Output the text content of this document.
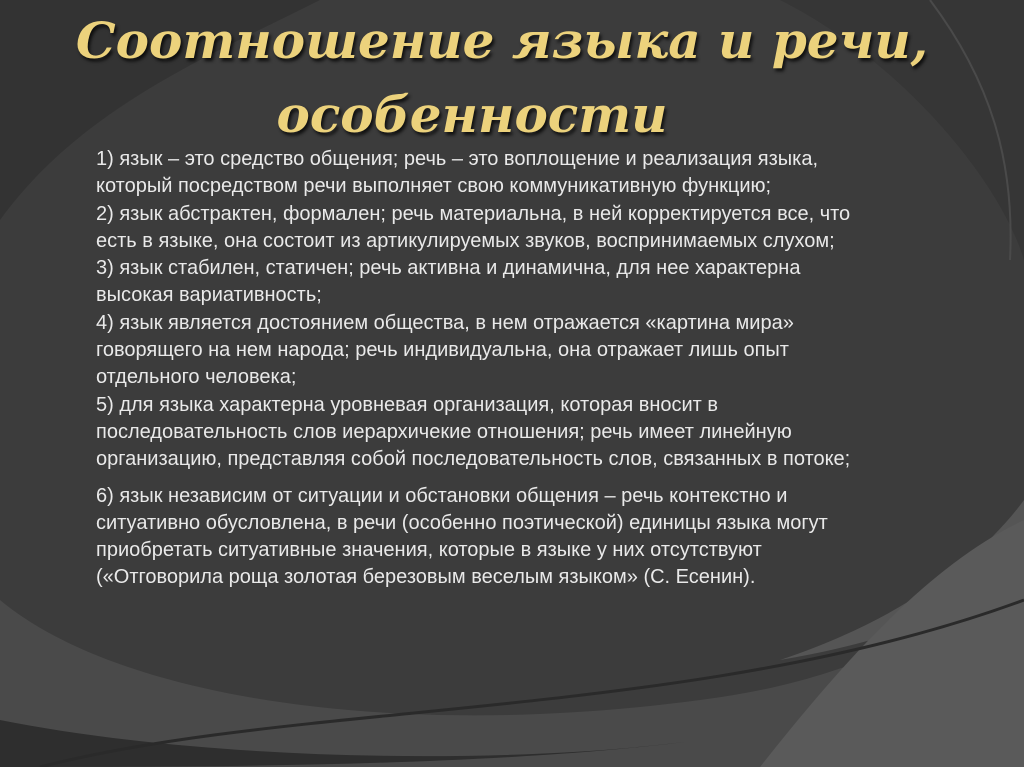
Соотношение языка и речи,
особенности

1) язык – это средство общения; речь – это воплощение и реализация языка, который посредством речи выполняет свою коммуникативную функцию;

2) язык абстрактен, формален; речь материальна, в ней корректируется все, что есть в языке, она состоит из артикулируемых звуков, воспринимаемых слухом;

3) язык стабилен, статичен; речь активна и динамична, для нее характерна высокая вариативность;

4) язык является достоянием общества, в нем отражается «картина мира» говорящего на нем народа; речь индивидуальна, она отражает лишь опыт отдельного человека;

5) для языка характерна уровневая организация, которая вносит в последовательность слов иерархичекие отношения; речь имеет линейную организацию, представляя собой последовательность слов, связанных в потоке;

6) язык независим от ситуации и обстановки общения – речь контекстно и ситуативно обусловлена, в речи (особенно поэтической) единицы языка могут приобретать ситуативные значения, которые в языке у них отсутствуют («Отговорила роща золотая березовым веселым языком» (С. Есенин).
